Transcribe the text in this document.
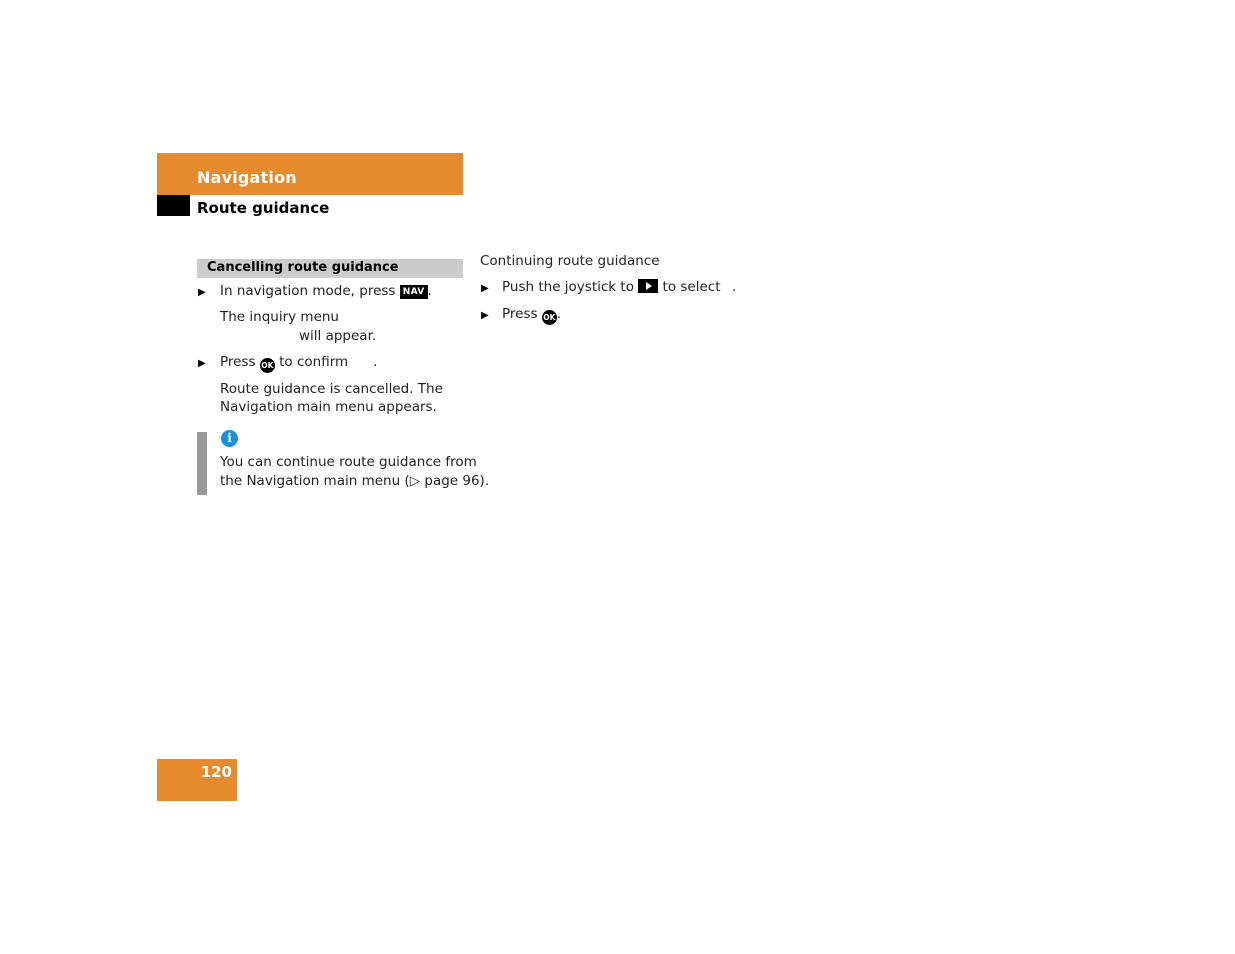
Navigation
Route guidance
Cancelling route guidance
▶ In navigation mode, press NAV .
The inquiry menu
will appear.
▶ Press OK to confirm .
Route guidance is cancelled. The
Navigation main menu appears.
i
You can continue route guidance from
the Navigation main menu (▷ page 96).
Continuing route guidance
▶ Push the joystick to to select .
▶ Press OK.
120
